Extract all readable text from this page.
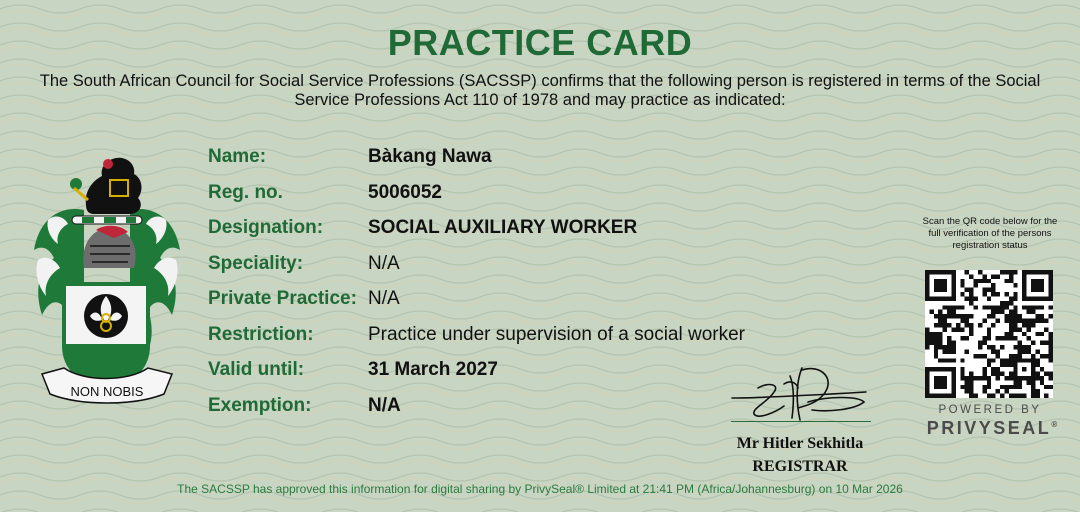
PRACTICE CARD
The South African Council for Social Service Professions (SACSSP) confirms that the following person is registered in terms of the Social Service Professions Act 110 of 1978 and may practice as indicated:
NON NOBIS
Name:	Bàkang Nawa
Reg. no.	5006052
Designation: SOCIAL AUXILIARY WORKER
Speciality:	N/A
Private Practice: N/A
Restriction:	Practice under supervision of a social worker
Valid until:	31 March 2027
Exemption:	N/A
Mr Hitler Sekhitla
REGISTRAR
Scan the QR code below for the full verification of the persons registration status
POWERED BY
PRIVYSEAL®
The SACSSP has approved this information for digital sharing by PrivySeal® Limited at 21:41 PM (Africa/Johannesburg) on 10 Mar 2026
